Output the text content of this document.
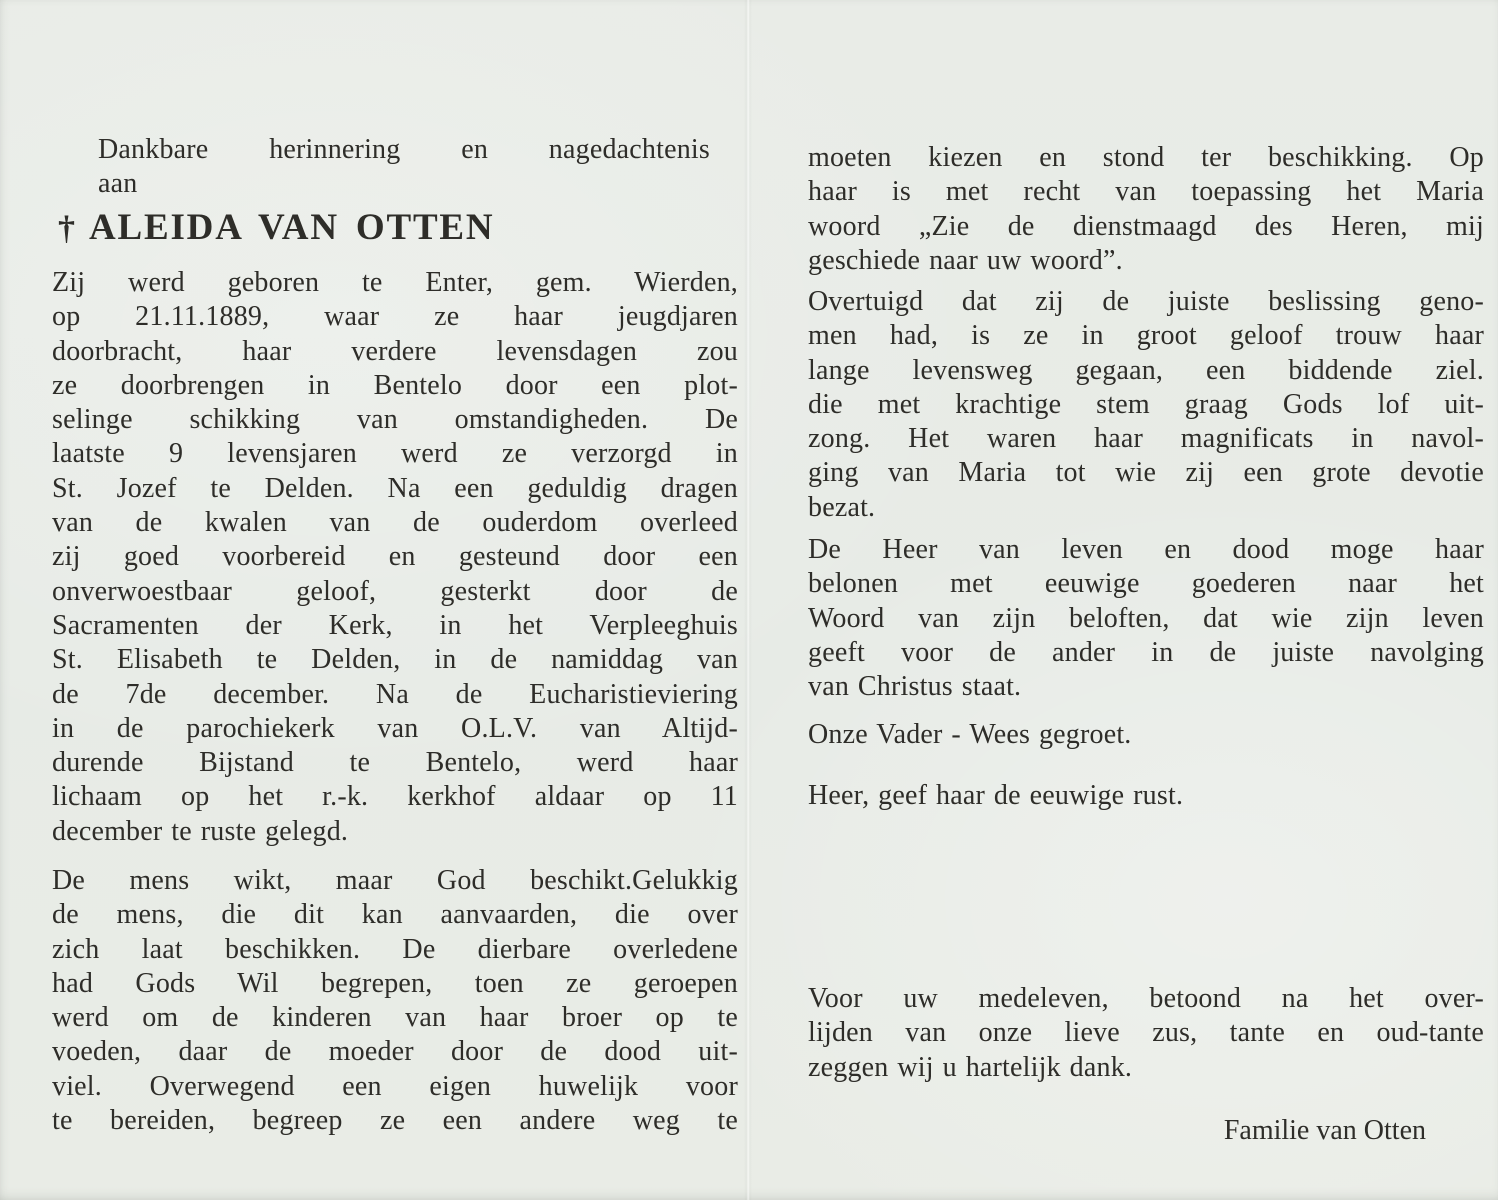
Dankbare herinnering en nagedachtenis
aan
† ALEIDA VAN OTTEN
Zij werd geboren te Enter, gem. Wierden,
op 21.11.1889, waar ze haar jeugdjaren
doorbracht, haar verdere levensdagen zou
ze doorbrengen in Bentelo door een plot-
selinge schikking van omstandigheden. De
laatste 9 levensjaren werd ze verzorgd in
St. Jozef te Delden. Na een geduldig dragen
van de kwalen van de ouderdom overleed
zij goed voorbereid en gesteund door een
onverwoestbaar geloof, gesterkt door de
Sacramenten der Kerk, in het Verpleeghuis
St. Elisabeth te Delden, in de namiddag van
de 7de december. Na de Eucharistieviering
in de parochiekerk van O.L.V. van Altijd-
durende Bijstand te Bentelo, werd haar
lichaam op het r.-k. kerkhof aldaar op 11
december te ruste gelegd.
De mens wikt, maar God beschikt.Gelukkig
de mens, die dit kan aanvaarden, die over
zich laat beschikken. De dierbare overledene
had Gods Wil begrepen, toen ze geroepen
werd om de kinderen van haar broer op te
voeden, daar de moeder door de dood uit-
viel. Overwegend een eigen huwelijk voor
te bereiden, begreep ze een andere weg te
moeten kiezen en stond ter beschikking. Op
haar is met recht van toepassing het Maria
woord „Zie de dienstmaagd des Heren, mij
geschiede naar uw woord”.
Overtuigd dat zij de juiste beslissing geno-
men had, is ze in groot geloof trouw haar
lange levensweg gegaan, een biddende ziel.
die met krachtige stem graag Gods lof uit-
zong. Het waren haar magnificats in navol-
ging van Maria tot wie zij een grote devotie
bezat.
De Heer van leven en dood moge haar
belonen met eeuwige goederen naar het
Woord van zijn beloften, dat wie zijn leven
geeft voor de ander in de juiste navolging
van Christus staat.
Onze Vader - Wees gegroet.
Heer, geef haar de eeuwige rust.
Voor uw medeleven, betoond na het over-
lijden van onze lieve zus, tante en oud-tante
zeggen wij u hartelijk dank.
Familie van Otten
